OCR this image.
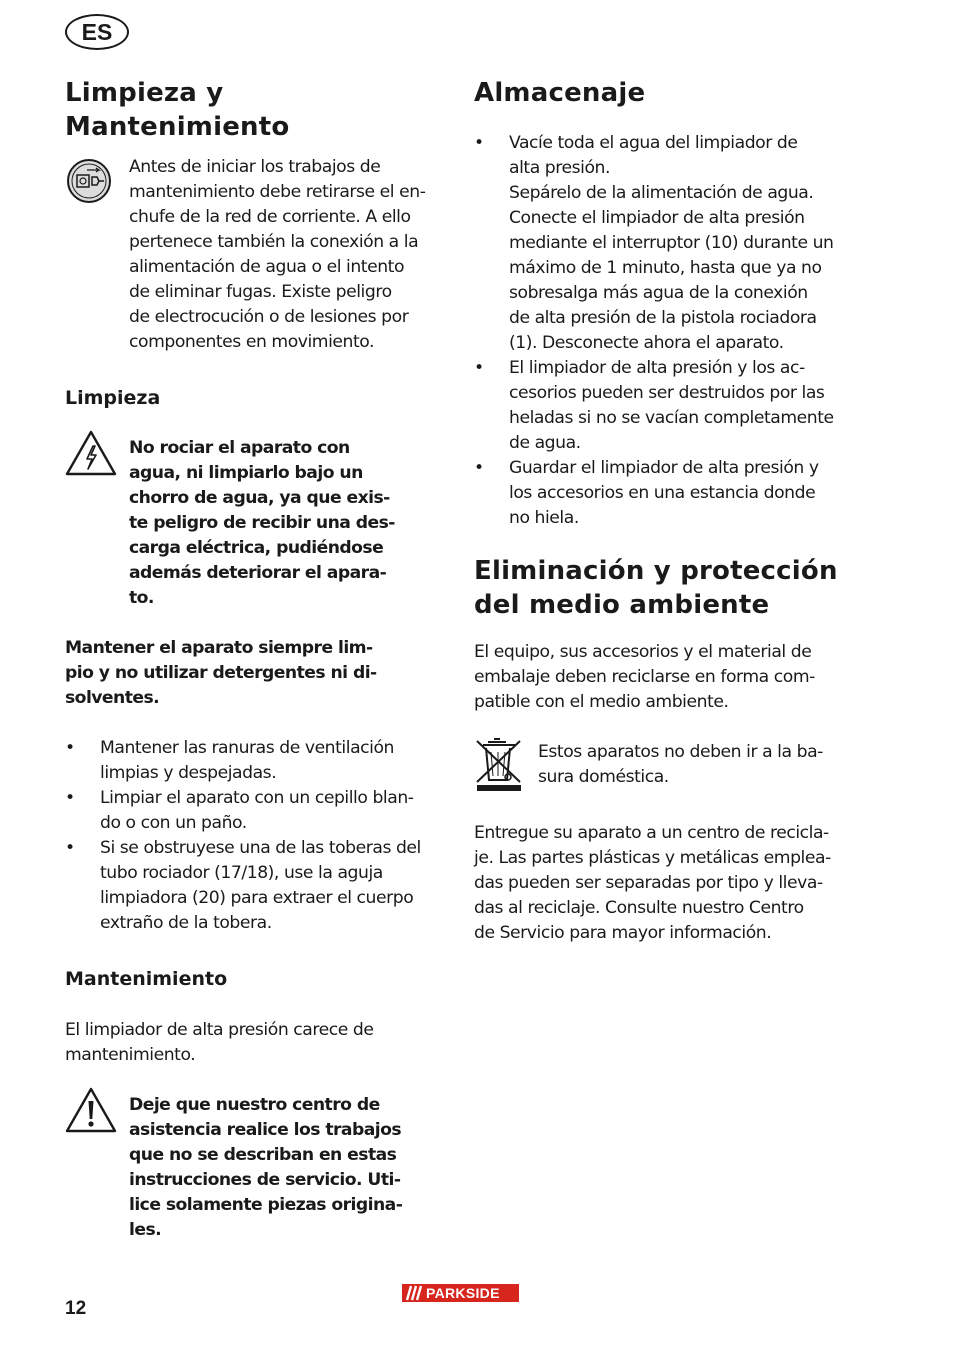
ES
Limpieza y
Mantenimiento

Antes de iniciar los trabajos de
mantenimiento debe retirarse el en-
chufe de la red de corriente. A ello
pertenece también la conexión a la
alimentación de agua o el intento
de eliminar fugas. Existe peligro
de electrocución o de lesiones por
componentes en movimiento.

Limpieza

No rociar el aparato con
agua, ni limpiarlo bajo un
chorro de agua, ya que exis-
te peligro de recibir una des-
carga eléctrica, pudiéndose
además deteriorar el apara-
to.

Mantener el aparato siempre lim-
pio y no utilizar detergentes ni di-
solventes.

• Mantener las ranuras de ventilación
limpias y despejadas.
• Limpiar el aparato con un cepillo blan-
do o con un paño.
• Si se obstruyese una de las toberas del
tubo rociador (17/18), use la aguja
limpiadora (20) para extraer el cuerpo
extraño de la tobera.
Mantenimiento

El limpiador de alta presión carece de
mantenimiento.

Deje que nuestro centro de
asistencia realice los trabajos
que no se describan en estas
instrucciones de servicio. Uti-
lice solamente piezas origina-
les.

Almacenaje
• Vacíe toda el agua del limpiador de
alta presión.
Sepárelo de la alimentación de agua.
Conecte el limpiador de alta presión
mediante el interruptor (10) durante un
máximo de 1 minuto, hasta que ya no
sobresalga más agua de la conexión
de alta presión de la pistola rociadora
(1). Desconecte ahora el aparato.
• El limpiador de alta presión y los ac-
cesorios pueden ser destruidos por las
heladas si no se vacían completamente
de agua.
• Guardar el limpiador de alta presión y
los accesorios en una estancia donde
no hiela.
Eliminación y protección
del medio ambiente

El equipo, sus accesorios y el material de
embalaje deben reciclarse en forma com-
patible con el medio ambiente.

Estos aparatos no deben ir a la ba-
sura doméstica.

Entregue su aparato a un centro de recicla-
je. Las partes plásticas y metálicas emplea-
das pueden ser separadas por tipo y lleva-
das al reciclaje. Consulte nuestro Centro
de Servicio para mayor información.

12
PARKSIDE
